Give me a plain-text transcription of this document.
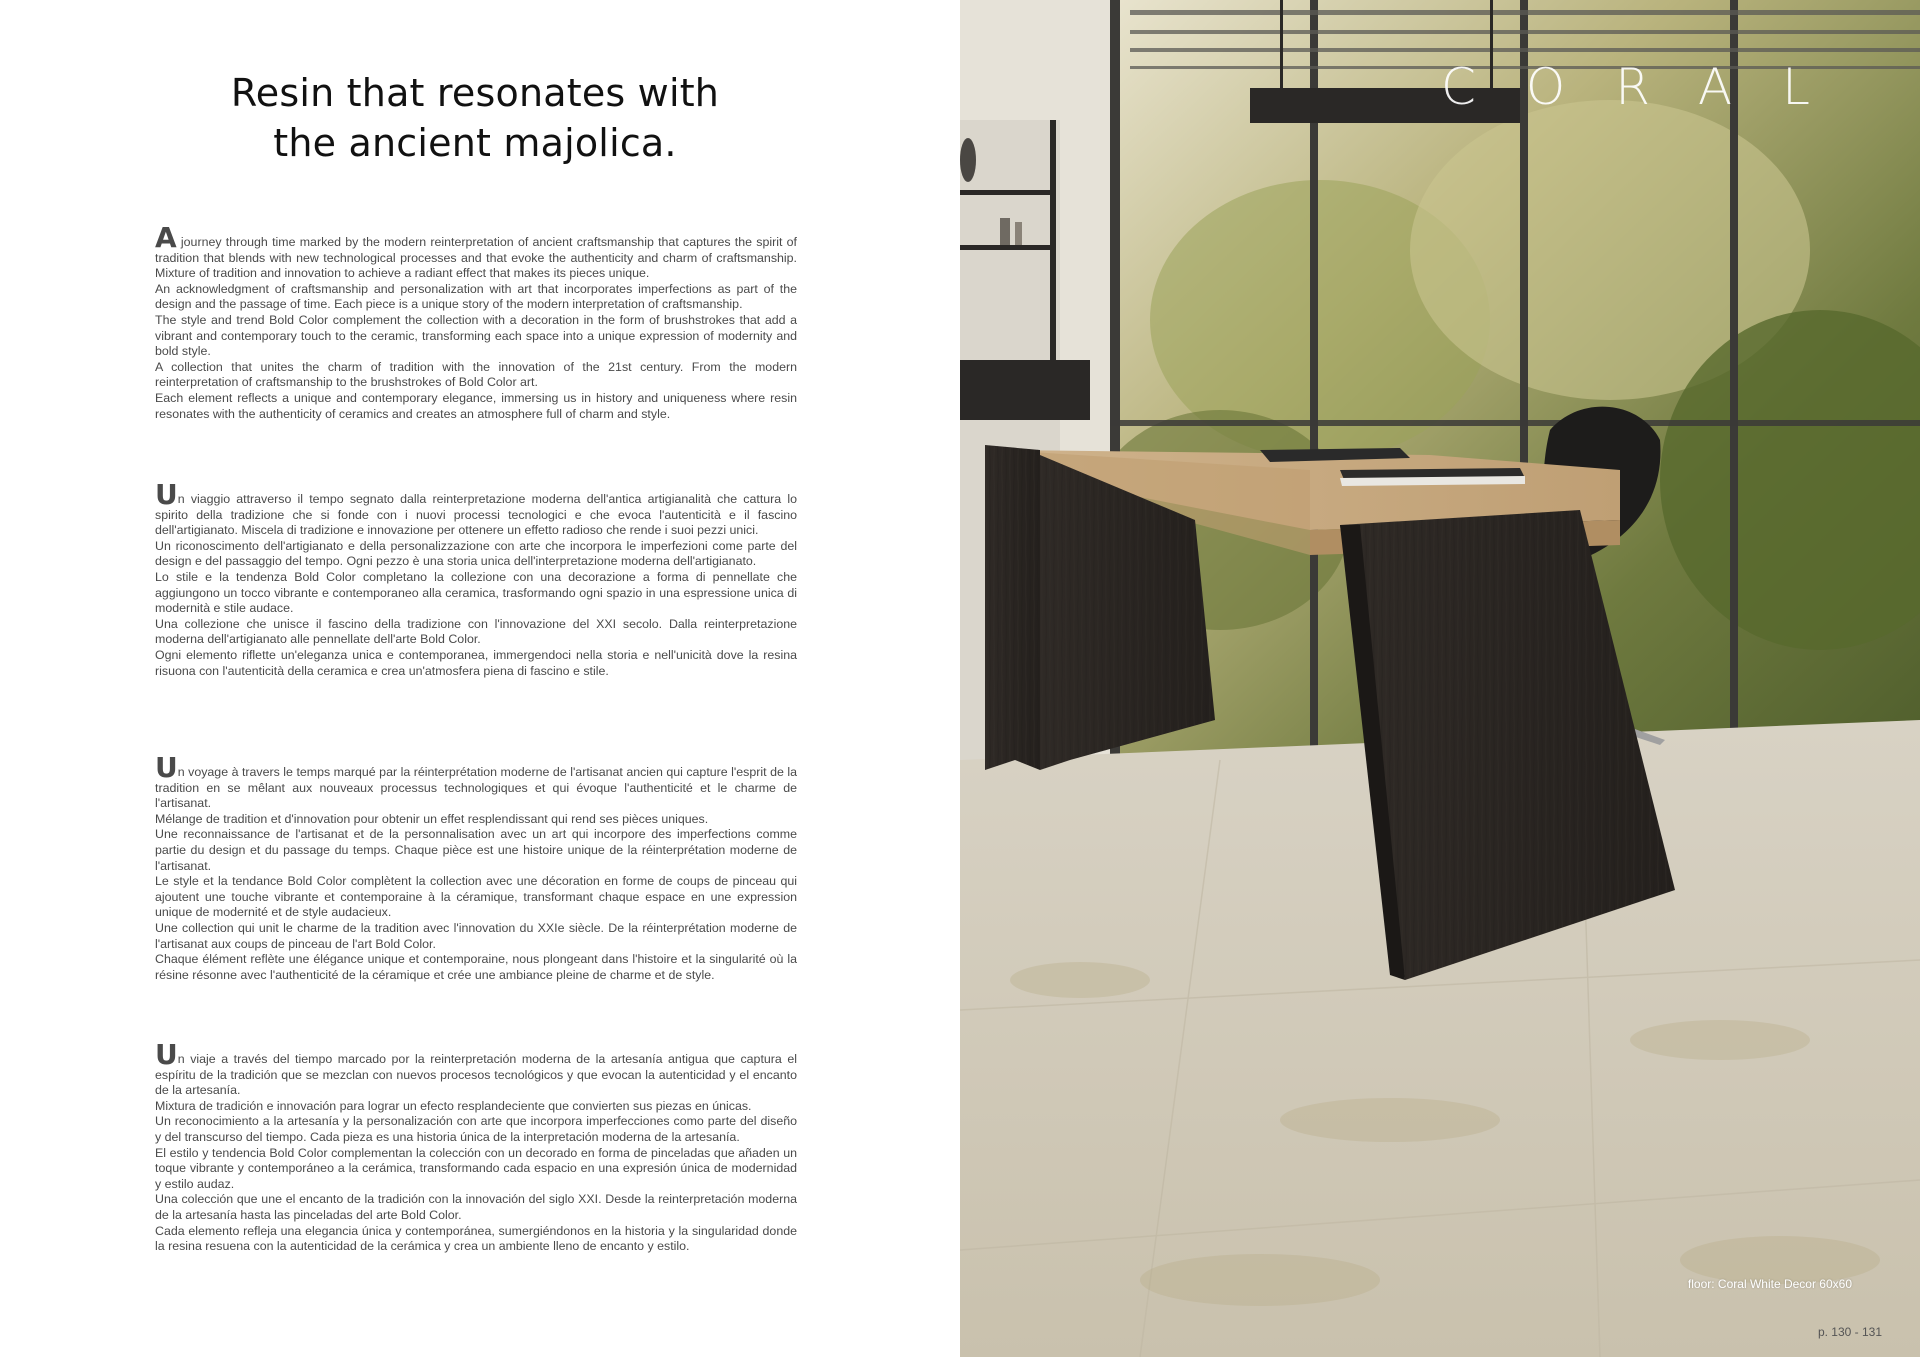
Resin that resonates with
the ancient majolica.

A journey through time marked by the modern reinterpretation of ancient craftsmanship that captures the spirit of tradition that blends with new technological processes and that evoke the authenticity and charm of craftsmanship. Mixture of tradition and innovation to achieve a radiant effect that makes its pieces unique.

An acknowledgment of craftsmanship and personalization with art that incorporates imperfections as part of the design and the passage of time. Each piece is a unique story of the modern interpretation of craftsmanship.

The style and trend Bold Color complement the collection with a decoration in the form of brushstrokes that add a vibrant and contemporary touch to the ceramic, transforming each space into a unique expression of modernity and bold style.

A collection that unites the charm of tradition with the innovation of the 21st century. From the modern reinterpretation of craftsmanship to the brushstrokes of Bold Color art.

Each element reflects a unique and contemporary elegance, immersing us in history and uniqueness where resin resonates with the authenticity of ceramics and creates an atmosphere full of charm and style.

Un viaggio attraverso il tempo segnato dalla reinterpretazione moderna dell'antica artigianalità che cattura lo spirito della tradizione che si fonde con i nuovi processi tecnologici e che evoca l'autenticità e il fascino dell'artigianato. Miscela di tradizione e innovazione per ottenere un effetto radioso che rende i suoi pezzi unici.

Un riconoscimento dell'artigianato e della personalizzazione con arte che incorpora le imperfezioni come parte del design e del passaggio del tempo. Ogni pezzo è una storia unica dell'interpretazione moderna dell'artigianato.

Lo stile e la tendenza Bold Color completano la collezione con una decorazione a forma di pennellate che aggiungono un tocco vibrante e contemporaneo alla ceramica, trasformando ogni spazio in una espressione unica di modernità e stile audace.

Una collezione che unisce il fascino della tradizione con l'innovazione del XXI secolo. Dalla reinterpretazione moderna dell'artigianato alle pennellate dell'arte Bold Color.

Ogni elemento riflette un'eleganza unica e contemporanea, immergendoci nella storia e nell'unicità dove la resina risuona con l'autenticità della ceramica e crea un'atmosfera piena di fascino e stile.

Un voyage à travers le temps marqué par la réinterprétation moderne de l'artisanat ancien qui capture l'esprit de la tradition en se mêlant aux nouveaux processus technologiques et qui évoque l'authenticité et le charme de l'artisanat.

Mélange de tradition et d'innovation pour obtenir un effet resplendissant qui rend ses pièces uniques.

Une reconnaissance de l'artisanat et de la personnalisation avec un art qui incorpore des imperfections comme partie du design et du passage du temps. Chaque pièce est une histoire unique de la réinterprétation moderne de l'artisanat.

Le style et la tendance Bold Color complètent la collection avec une décoration en forme de coups de pinceau qui ajoutent une touche vibrante et contemporaine à la céramique, transformant chaque espace en une expression unique de modernité et de style audacieux.

Une collection qui unit le charme de la tradition avec l'innovation du XXIe siècle. De la réinterprétation moderne de l'artisanat aux coups de pinceau de l'art Bold Color.

Chaque élément reflète une élégance unique et contemporaine, nous plongeant dans l'histoire et la singularité où la résine résonne avec l'authenticité de la céramique et crée une ambiance pleine de charme et de style.

Un viaje a través del tiempo marcado por la reinterpretación moderna de la artesanía antigua que captura el espíritu de la tradición que se mezclan con nuevos procesos tecnológicos y que evocan la autenticidad y el encanto de la artesanía.

Mixtura de tradición e innovación para lograr un efecto resplandeciente que convierten sus piezas en únicas.

Un reconocimiento a la artesanía y la personalización con arte que incorpora imperfecciones como parte del diseño y del transcurso del tiempo. Cada pieza es una historia única de la interpretación moderna de la artesanía.

El estilo y tendencia Bold Color complementan la colección con un decorado en forma de pinceladas que añaden un toque vibrante y contemporáneo a la cerámica, transformando cada espacio en una expresión única de modernidad y estilo audaz.

Una colección que une el encanto de la tradición con la innovación del siglo XXI. Desde la reinterpretación moderna de la artesanía hasta las pinceladas del arte Bold Color.

Cada elemento refleja una elegancia única y contemporánea, sumergiéndonos en la historia y la singularidad donde la resina resuena con la autenticidad de la cerámica y crea un ambiente lleno de encanto y estilo.

CORAL
floor: Coral White Decor 60x60
p. 130 - 131
